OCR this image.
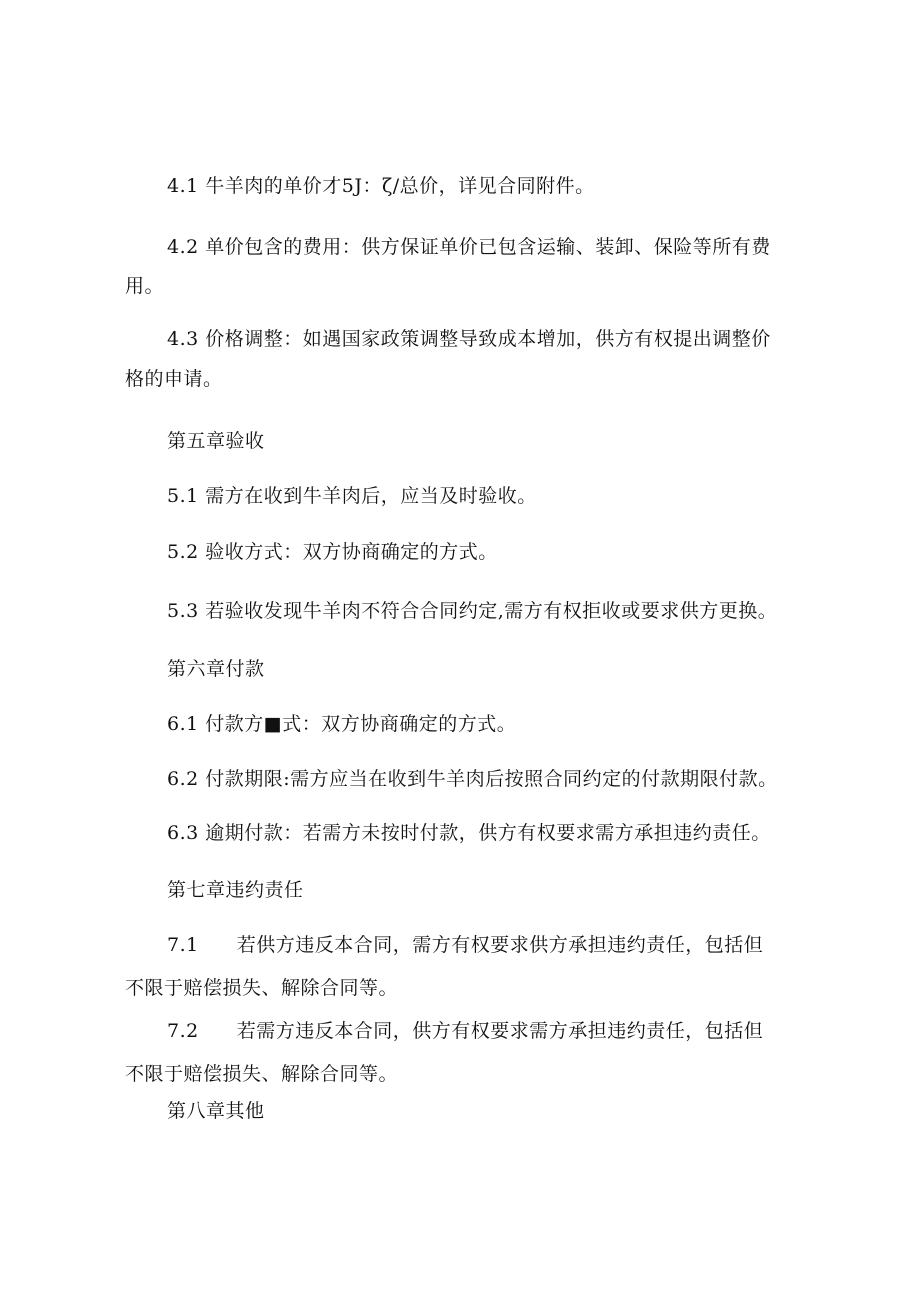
4.1 牛羊肉的单价才5J：ζ/总价，详见合同附件。

4.2 单价包含的费用：供方保证单价已包含运输、装卸、保险等所有费

用。

4.3 价格调整：如遇国家政策调整导致成本增加，供方有权提出调整价

格的申请。

第五章验收

5.1 需方在收到牛羊肉后，应当及时验收。

5.2 验收方式：双方协商确定的方式。

5.3 若验收发现牛羊肉不符合合同约定,需方有权拒收或要求供方更换。

第六章付款

6.1 付款方■式：双方协商确定的方式。

6.2 付款期限:需方应当在收到牛羊肉后按照合同约定的付款期限付款。

6.3 逾期付款：若需方未按时付款，供方有权要求需方承担违约责任。

第七章违约责任

7.1 若供方违反本合同，需方有权要求供方承担违约责任，包括但

不限于赔偿损失、解除合同等。

7.2 若需方违反本合同，供方有权要求需方承担违约责任，包括但

不限于赔偿损失、解除合同等。

第八章其他
